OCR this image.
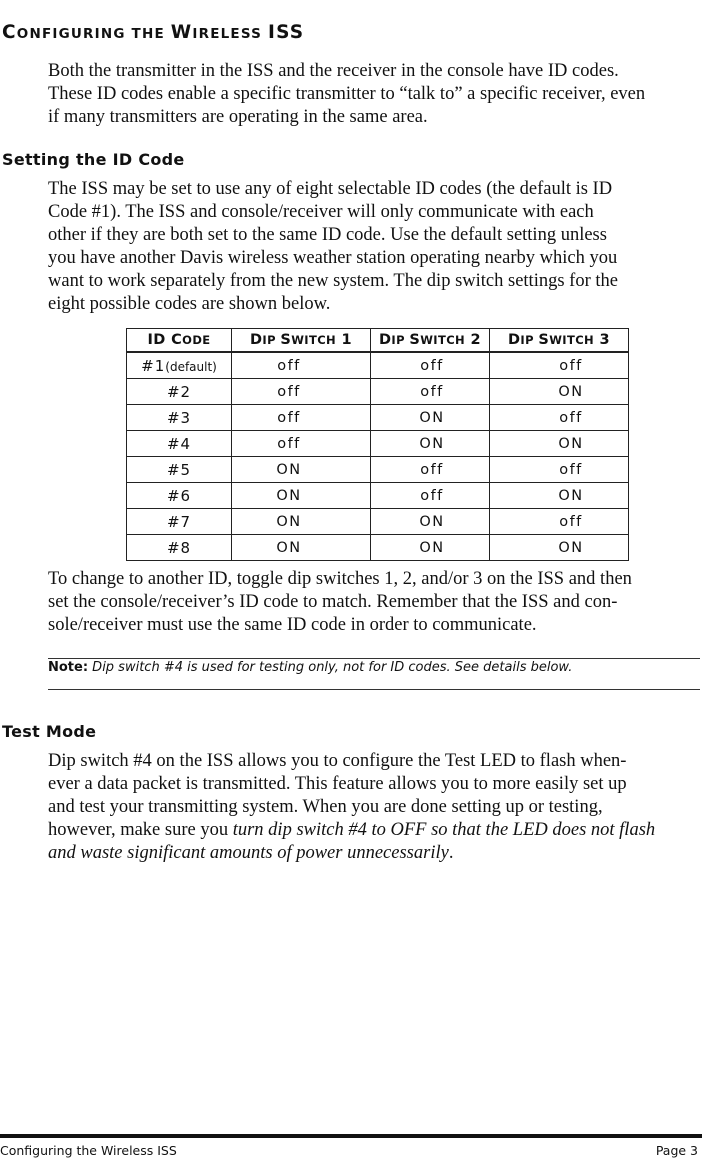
CONFIGURING THE WIRELESS ISS
Both the transmitter in the ISS and the receiver in the console have ID codes.
These ID codes enable a specific transmitter to “talk to” a specific receiver, even
if many transmitters are operating in the same area.
Setting the ID Code
The ISS may be set to use any of eight selectable ID codes (the default is ID
Code #1). The ISS and console/receiver will only communicate with each
other if they are both set to the same ID code. Use the default setting unless
you have another Davis wireless weather station operating nearby which you
want to work separately from the new system. The dip switch settings for the
eight possible codes are shown below.
ID CODE	DIP SWITCH 1	DIP SWITCH 2	DIP SWITCH 3
#1(default)	off	off	off
#2	off	off	ON
#3	off	ON	off
#4	off	ON	ON
#5	ON	off	off
#6	ON	off	ON
#7	ON	ON	off
#8	ON	ON	ON
To change to another ID, toggle dip switches 1, 2, and/or 3 on the ISS and then
set the console/receiver’s ID code to match. Remember that the ISS and con-
sole/receiver must use the same ID code in order to communicate.

Note: Dip switch #4 is used for testing only, not for ID codes. See details below.

Test Mode
Dip switch #4 on the ISS allows you to configure the Test LED to flash when-
ever a data packet is transmitted. This feature allows you to more easily set up
and test your transmitting system. When you are done setting up or testing,
however, make sure you turn dip switch #4 to OFF so that the LED does not flash
and waste significant amounts of power unnecessarily.
Configuring the Wireless ISS	Page 3
